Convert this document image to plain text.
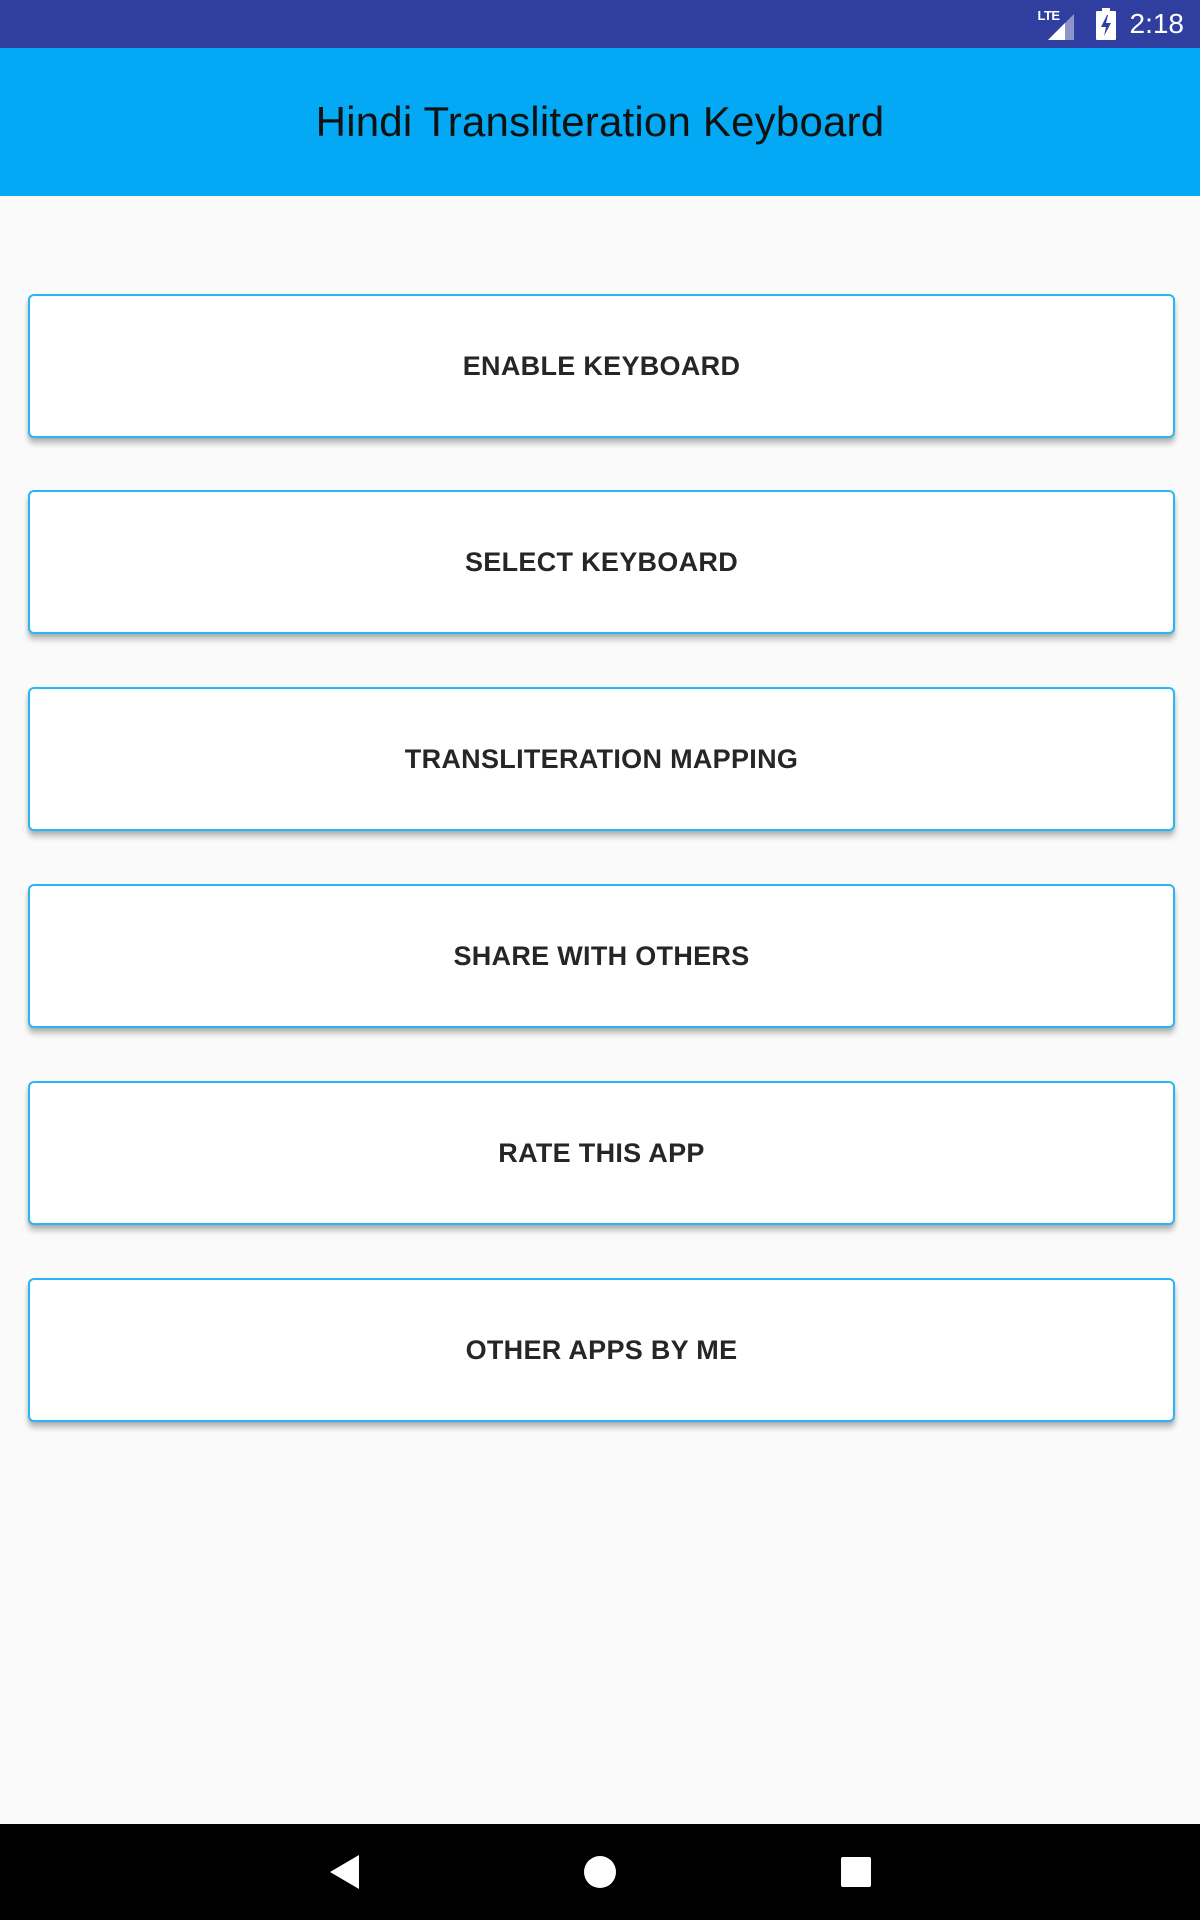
LTE 2:18
Hindi Transliteration Keyboard
ENABLE KEYBOARD
SELECT KEYBOARD
TRANSLITERATION MAPPING
SHARE WITH OTHERS
RATE THIS APP
OTHER APPS BY ME
